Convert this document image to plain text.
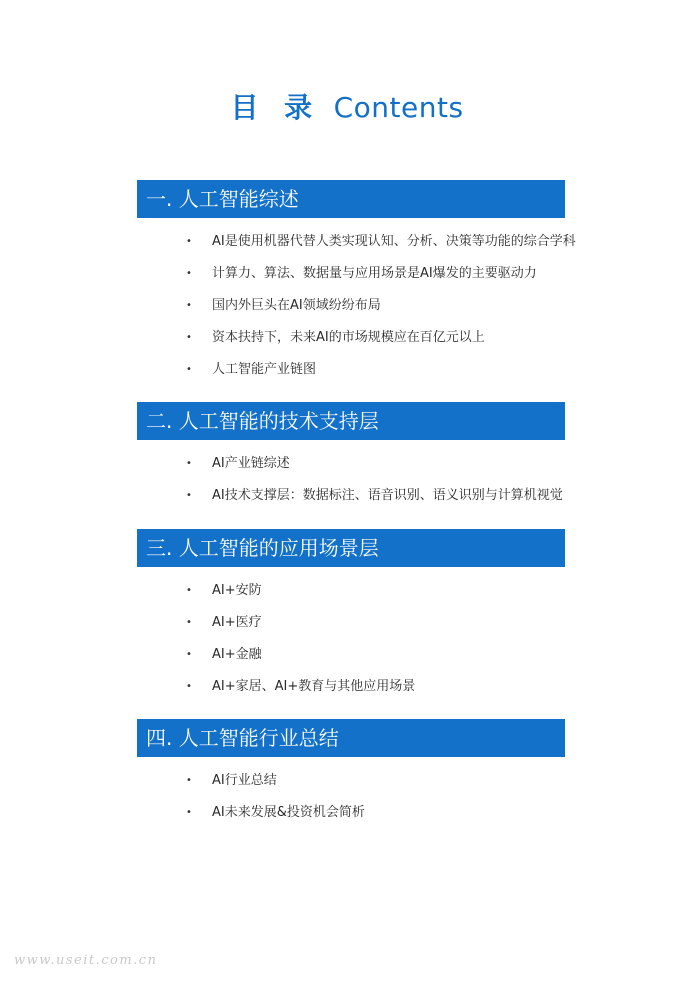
目 录 Contents
一. 人工智能综述
• AI是使用机器代替人类实现认知、分析、决策等功能的综合学科
• 计算力、算法、数据量与应用场景是AI爆发的主要驱动力
• 国内外巨头在AI领域纷纷布局
• 资本扶持下，未来AI的市场规模应在百亿元以上
• 人工智能产业链图
二. 人工智能的技术支持层
• AI产业链综述
• AI技术支撑层：数据标注、语音识别、语义识别与计算机视觉
三. 人工智能的应用场景层
• AI+安防
• AI+医疗
• AI+金融
• AI+家居、AI+教育与其他应用场景
四. 人工智能行业总结
• AI行业总结
• AI未来发展&投资机会简析
www.useit.com.cn
